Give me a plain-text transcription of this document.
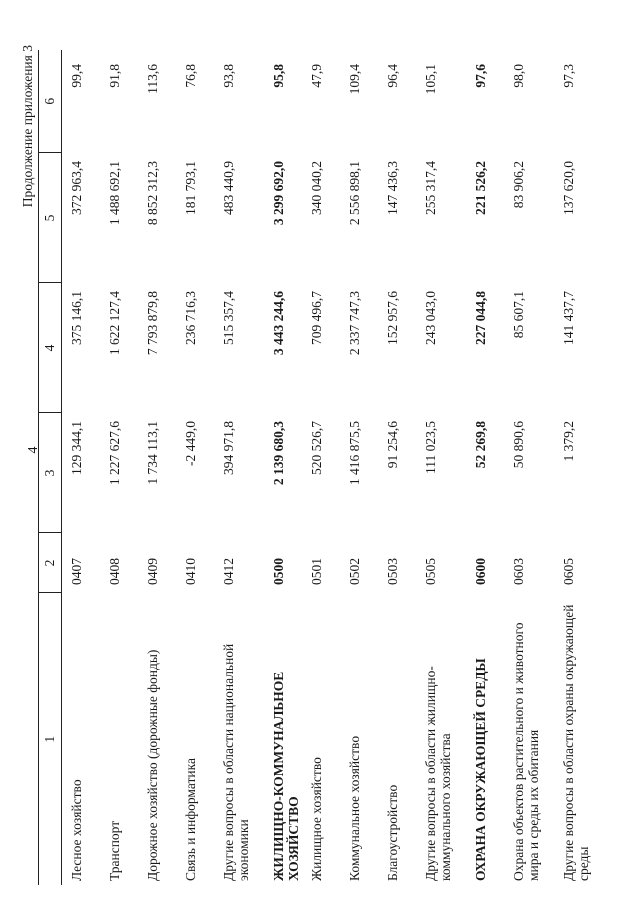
4
Продолжение приложения 3
1	2	3	4	5	6
Лесное хозяйство	0407	129 344,1	375 146,1	372 963,4	99,4
Транспорт	0408	1 227 627,6	1 622 127,4	1 488 692,1	91,8
Дорожное хозяйство (дорожные фонды)	0409	1 734 113,1	7 793 879,8	8 852 312,3	113,6
Связь и информатика	0410	-2 449,0	236 716,3	181 793,1	76,8
Другие вопросы в области национальной экономики	0412	394 971,8	515 357,4	483 440,9	93,8
ЖИЛИЩНО-КОММУНАЛЬНОЕ ХОЗЯЙСТВО	0500	2 139 680,3	3 443 244,6	3 299 692,0	95,8
Жилищное хозяйство	0501	520 526,7	709 496,7	340 040,2	47,9
Коммунальное хозяйство	0502	1 416 875,5	2 337 747,3	2 556 898,1	109,4
Благоустройство	0503	91 254,6	152 957,6	147 436,3	96,4
Другие вопросы в области жилищно-коммунального хозяйства	0505	111 023,5	243 043,0	255 317,4	105,1
ОХРАНА ОКРУЖАЮЩЕЙ СРЕДЫ	0600	52 269,8	227 044,8	221 526,2	97,6
Охрана объектов растительного и животного мира и среды их обитания	0603	50 890,6	85 607,1	83 906,2	98,0
Другие вопросы в области охраны окружающей среды	0605	1 379,2	141 437,7	137 620,0	97,3
